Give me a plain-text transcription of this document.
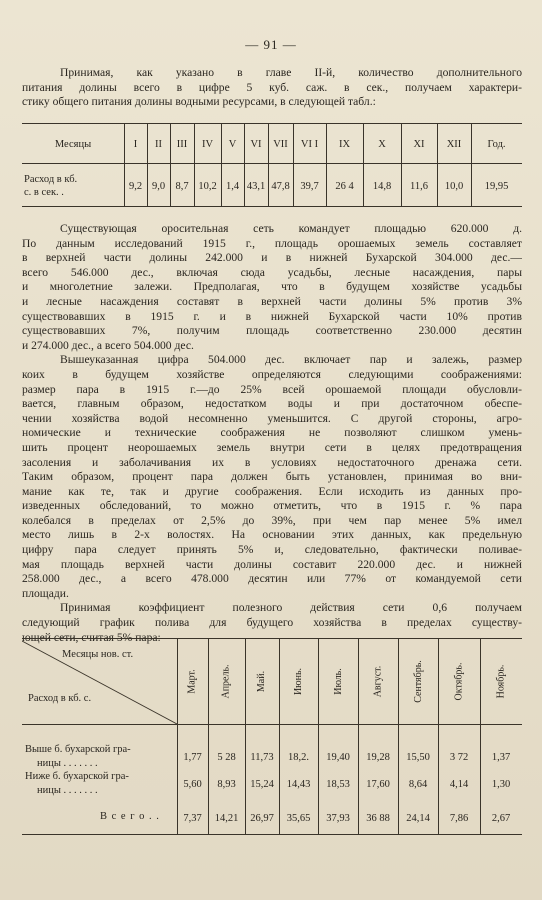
— 91 —
Принимая, как указано в главе II-й, количество дополнительного
питания долины всего в цифре 5 куб. саж. в сек., получаем характери-
стику общего питания долины водными ресурсами, в следующей табл.:
Месяцы
Расход в кб.
с. в сек. .
I
9,2
II
9,0
III
8,7
IV
10,2
V
1,4
VI
43,1
VII
47,8
VI I
39,7
IX
26 4
X
14,8
XI
11,6
XII
10,0
Год.
19,95
Существующая оросительная сеть командует площадью 620.000 д.
По данным исследований 1915 г., площадь орошаемых земель составляет
в верхней части долины 242.000 и в нижней Бухарской 304.000 дес.—
всего 546.000 дес., включая сюда усадьбы, лесные насаждения, пары
и многолетние залежи. Предполагая, что в будущем хозяйстве усадьбы
и лесные насаждения составят в верхней части долины 5% против 3%
существовавших в 1915 г. и в нижней Бухарской части 10% против
существовавших 7%, получим площадь соответственно 230.000 десятин
и 274.000 дес., а всего 504.000 дес.
Вышеуказанная цифра 504.000 дес. включает пар и залежь, размер
коих в будущем хозяйстве определяются следующими соображениями:
размер пара в 1915 г.—до 25% всей орошаемой площади обусловли-
вается, главным образом, недостатком воды и при достаточном обеспе-
чении хозяйства водой несомненно уменьшится. С другой стороны, агро-
номические и технические соображения не позволяют слишком умень-
шить процент неорошаемых земель внутри сети в целях предотвращения
засоления и заболачивания их в условиях недостаточного дренажа сети.
Таким образом, процент пара должен быть установлен, принимая во вни-
мание как те, так и другие соображения. Если исходить из данных про-
изведенных обследований, то можно отметить, что в 1915 г. % пара
колебался в пределах от 2,5% до 39%, при чем пар менее 5% имел
место лишь в 2-х волостях. На основании этих данных, как предельную
цифру пара следует принять 5% и, следовательно, фактически поливае-
мая площадь верхней части долины составит 220.000 дес. и нижней
258.000 дес., а всего 478.000 десятин или 77% от командуемой сети
площади.
Принимая коэффициент полезного действия сети 0,6 получаем
следующий график полива для будущего хозяйства в пределах существу-
ющей сети, считая 5% пара:
Месяцы нов. ст.
Расход в кб. с.
Выше б. бухарской гра-
ницы . . . . . . .
Ниже б. бухарской гра-
ницы . . . . . . .
В с е г о . .
Март.
1,77
5,60
7,37
Апрель.
5 28
8,93
14,21
Май.
11,73
15,24
26,97
Июнь.
18,2.
14,43
35,65
Июль.
19,40
18,53
37,93
Август.
19,28
17,60
36 88
Сентябрь.
15,50
8,64
24,14
Октябрь.
3 72
4,14
7,86
Ноябрь.
1,37
1,30
2,67
